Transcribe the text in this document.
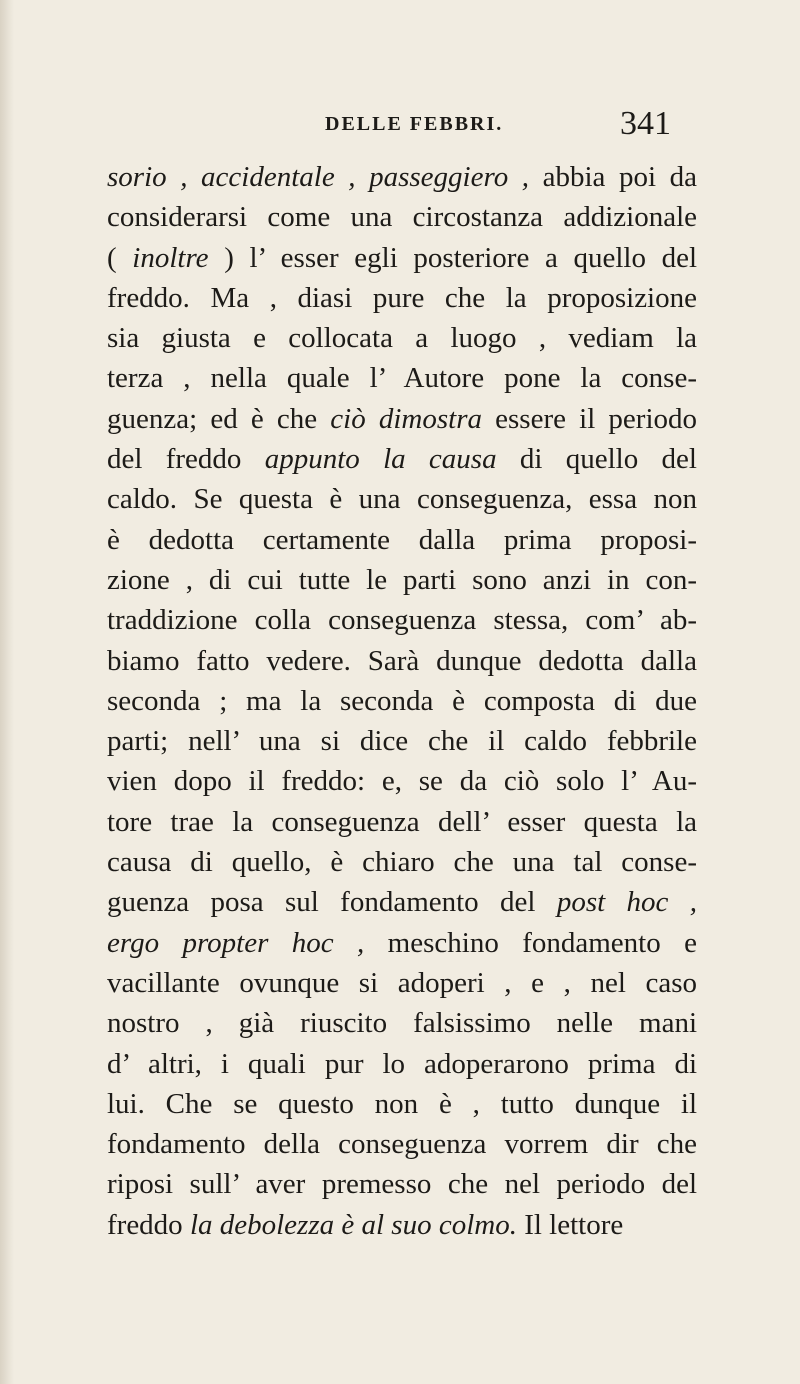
DELLE FEBBRI.	341
sorio , accidentale , passeggiero , abbia poi da
considerarsi come una circostanza addizionale
( inoltre ) l’ esser egli posteriore a quello del
freddo. Ma , diasi pure che la proposizione
sia giusta e collocata a luogo , vediam la
terza , nella quale l’ Autore pone la conse-
guenza; ed è che ciò dimostra essere il periodo
del freddo appunto la causa di quello del
caldo. Se questa è una conseguenza, essa non
è dedotta certamente dalla prima proposi-
zione , di cui tutte le parti sono anzi in con-
traddizione colla conseguenza stessa, com’ ab-
biamo fatto vedere. Sarà dunque dedotta dalla
seconda ; ma la seconda è composta di due
parti; nell’ una si dice che il caldo febbrile
vien dopo il freddo: e, se da ciò solo l’ Au-
tore trae la conseguenza dell’ esser questa la
causa di quello, è chiaro che una tal conse-
guenza posa sul fondamento del post hoc ,
ergo propter hoc , meschino fondamento e
vacillante ovunque si adoperi , e , nel caso
nostro , già riuscito falsissimo nelle mani
d’ altri, i quali pur lo adoperarono prima di
lui. Che se questo non è , tutto dunque il
fondamento della conseguenza vorrem dir che
riposi sull’ aver premesso che nel periodo del
freddo la debolezza è al suo colmo. Il lettore
